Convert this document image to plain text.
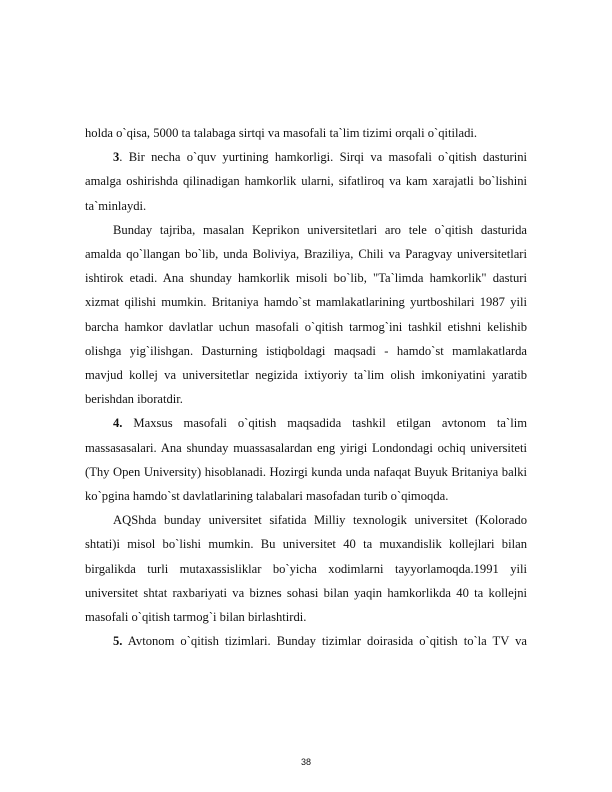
holda o`qisa, 5000 ta talabaga sirtqi va masofali ta`lim tizimi orqali o`qitiladi.

3. Bir necha o`quv yurtining hamkorligi. Sirqi va masofali o`qitish dasturini amalga oshirishda qilinadigan hamkorlik ularni, sifatliroq va kam xarajatli bo`lishini ta`minlaydi.

Bunday tajriba, masalan Keprikon universitetlari aro tele o`qitish dasturida amalda qo`llangan bo`lib, unda Boliviya, Braziliya, Chili va Paragvay universitetlari ishtirok etadi. Ana shunday hamkorlik misoli bo`lib, "Ta`limda hamkorlik" dasturi xizmat qilishi mumkin. Britaniya hamdo`st mamlakatlarining yurtboshilari 1987 yili barcha hamkor davlatlar uchun masofali o`qitish tarmog`ini tashkil etishni kelishib olishga yig`ilishgan. Dasturning istiqboldagi maqsadi - hamdo`st mamlakatlarda mavjud kollej va universitetlar negizida ixtiyoriy ta`lim olish imkoniyatini yaratib berishdan iboratdir.

4. Maxsus masofali o`qitish maqsadida tashkil etilgan avtonom ta`lim massasasalari. Ana shunday muassasalardan eng yirigi Londondagi ochiq universiteti (Thy Open University) hisoblanadi. Hozirgi kunda unda nafaqat Buyuk Britaniya balki ko`pgina hamdo`st davlatlarining talabalari masofadan turib o`qimoqda.

AQShda bunday universitet sifatida Milliy texnologik universitet (Kolorado shtati)i misol bo`lishi mumkin. Bu universitet 40 ta muxandislik kollejlari bilan birgalikda turli mutaxassisliklar bo`yicha xodimlarni tayyorlamoqda.1991 yili universitet shtat raxbariyati va biznes sohasi bilan yaqin hamkorlikda 40 ta kollejni masofali o`qitish tarmog`i bilan birlashtirdi.

5. Avtonom o`qitish tizimlari. Bunday tizimlar doirasida o`qitish to`la TV va

38
